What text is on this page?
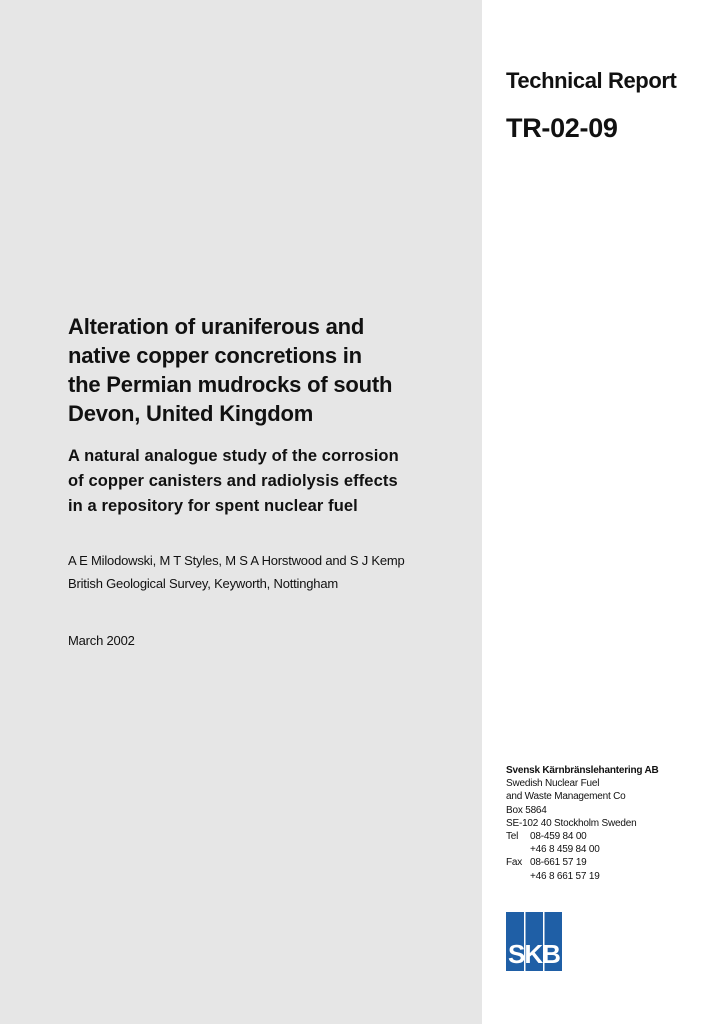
Technical Report
TR-02-09
Alteration of uraniferous and
native copper concretions in
the Permian mudrocks of south
Devon, United Kingdom
A natural analogue study of the corrosion
of copper canisters and radiolysis effects
in a repository for spent nuclear fuel
A E Milodowski, M T Styles, M S A Horstwood and S J Kemp
British Geological Survey, Keyworth, Nottingham
March 2002
Svensk Kärnbränslehantering AB
Swedish Nuclear Fuel
and Waste Management Co
Box 5864
SE-102 40 Stockholm Sweden
Tel	08-459 84 00
+46 8 459 84 00
Fax 08-661 57 19
+46 8 661 57 19
SKB
